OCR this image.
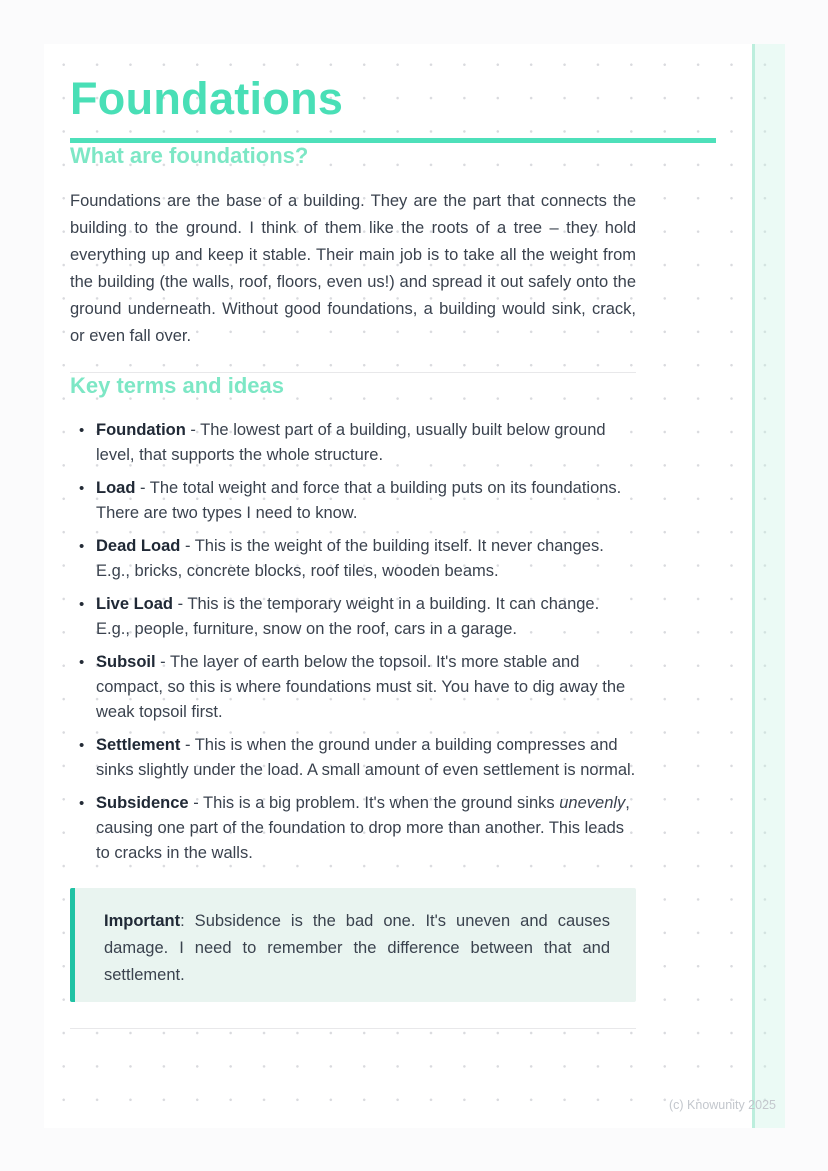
Foundations
What are foundations?

Foundations are the base of a building. They are the part that connects the building to the ground. I think of them like the roots of a tree – they hold everything up and keep it stable. Their main job is to take all the weight from the building (the walls, roof, floors, even us!) and spread it out safely onto the ground underneath. Without good foundations, a building would sink, crack, or even fall over.

Key terms and ideas
• Foundation - The lowest part of a building, usually built below ground level, that supports the whole structure.
• Load - The total weight and force that a building puts on its foundations. There are two types I need to know.
• Dead Load - This is the weight of the building itself. It never changes. E.g., bricks, concrete blocks, roof tiles, wooden beams.
• Live Load - This is the temporary weight in a building. It can change. E.g., people, furniture, snow on the roof, cars in a garage.
• Subsoil - The layer of earth below the topsoil. It's more stable and compact, so this is where foundations must sit. You have to dig away the weak topsoil first.
• Settlement - This is when the ground under a building compresses and sinks slightly under the load. A small amount of even settlement is normal.
• Subsidence - This is a big problem. It's when the ground sinks unevenly, causing one part of the foundation to drop more than another. This leads to cracks in the walls.

Important: Subsidence is the bad one. It's uneven and causes damage. I need to remember the difference between that and settlement.

(c) Knowunity 2025
